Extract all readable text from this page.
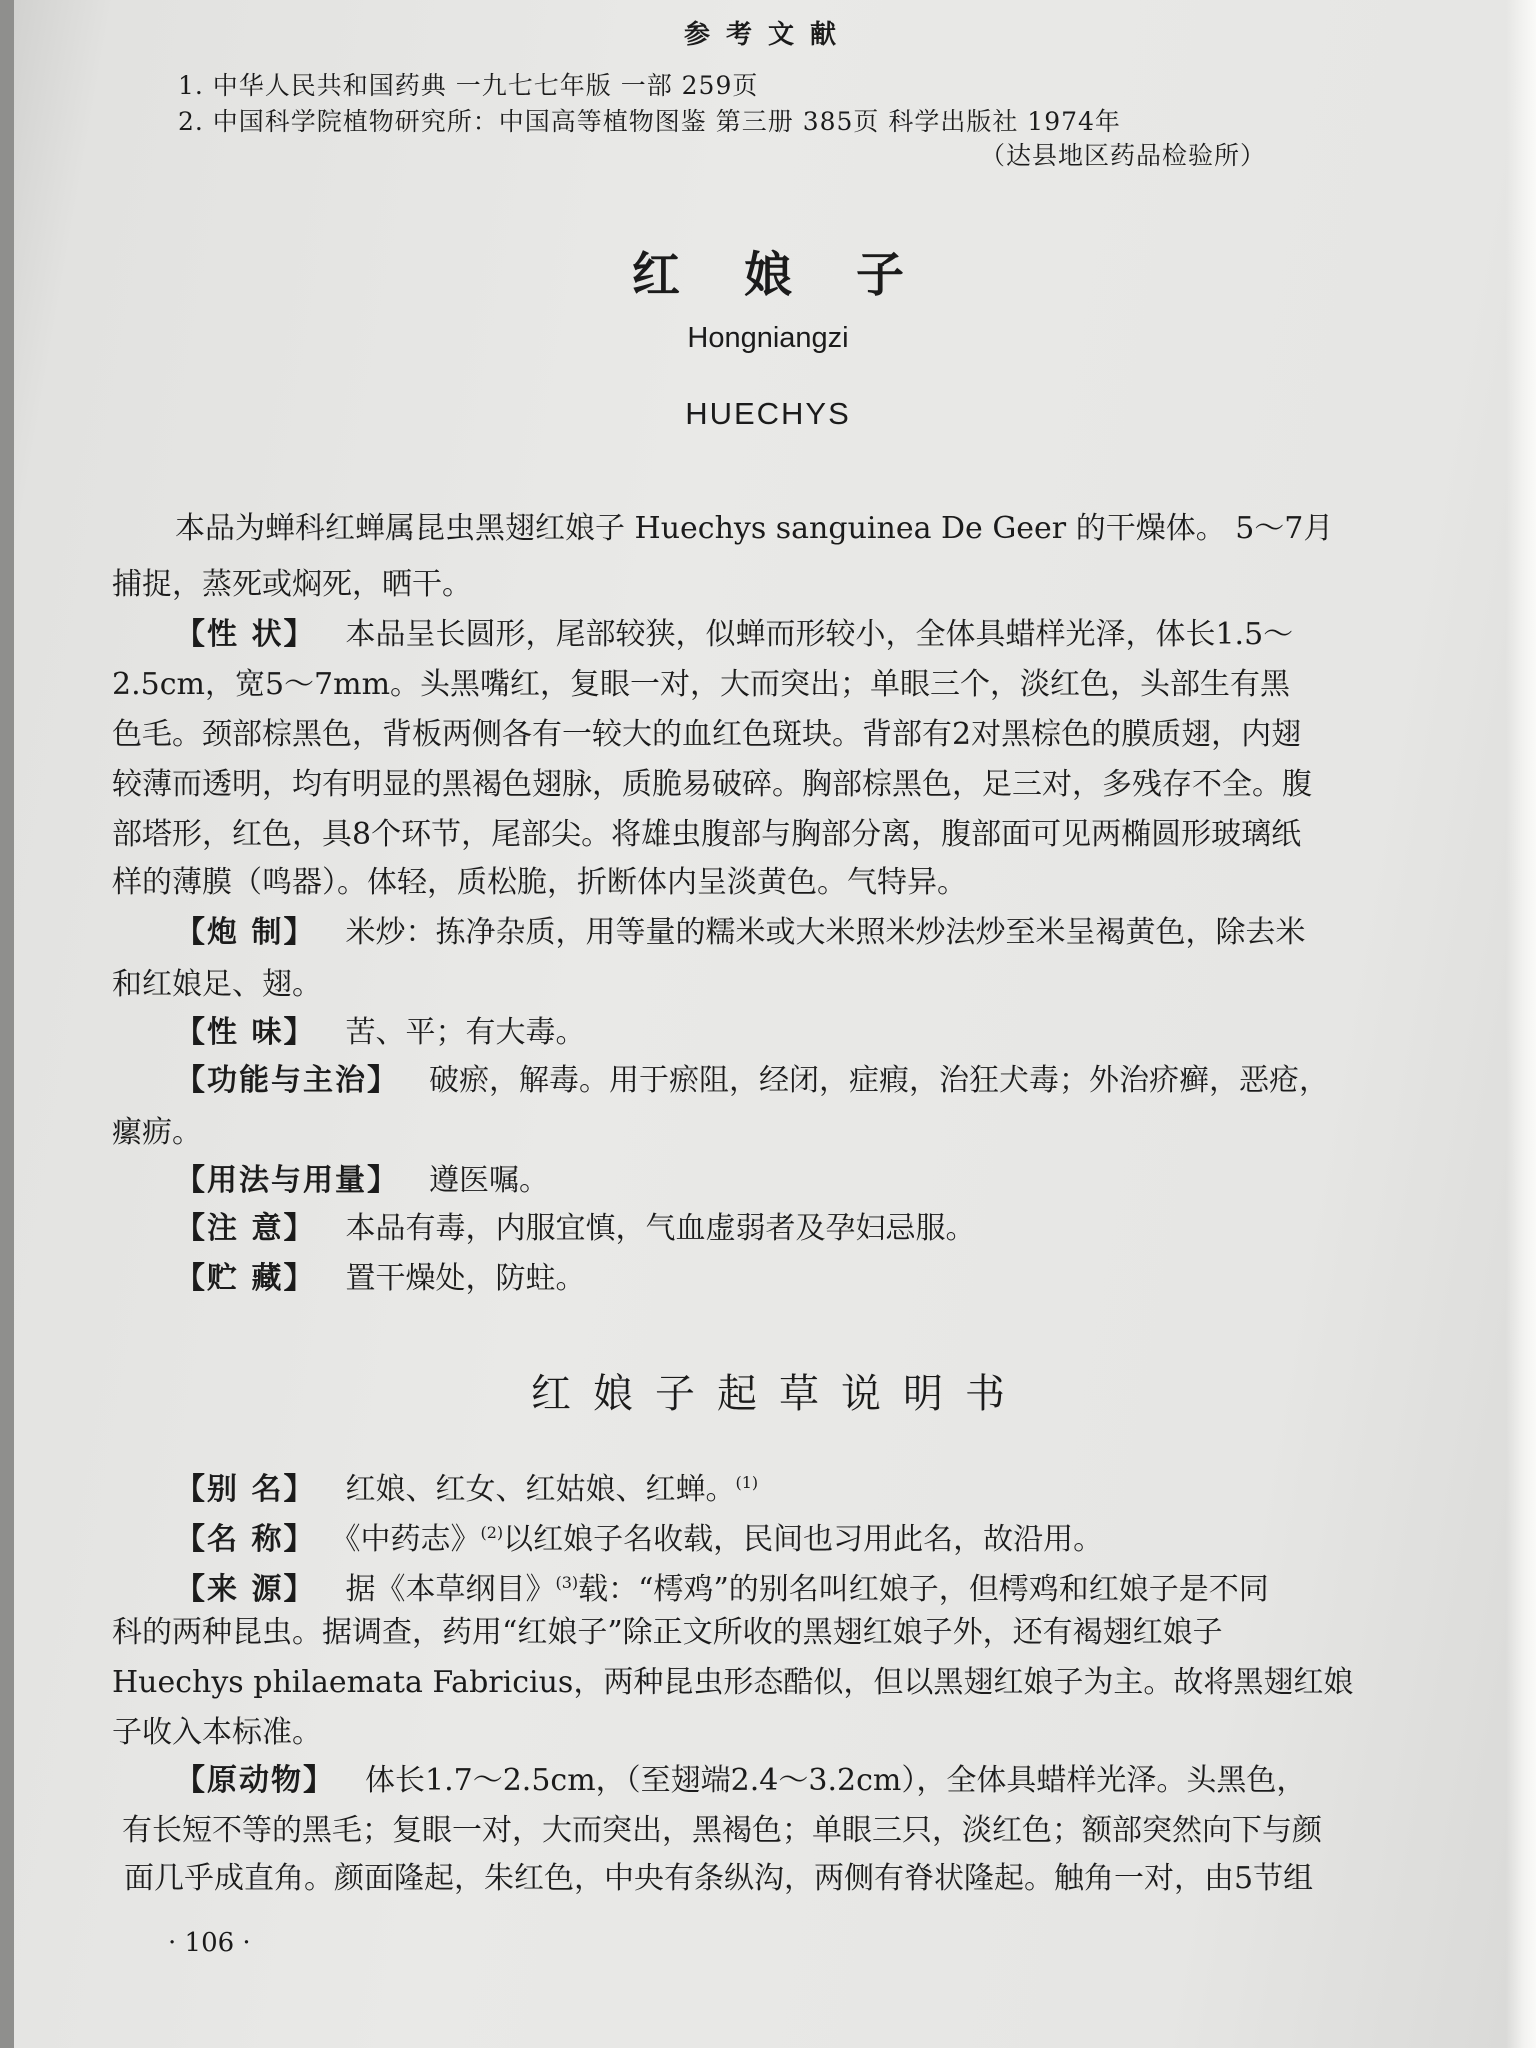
参考文献
1. 中华人民共和国药典 一九七七年版 一部 259页
2. 中国科学院植物研究所：中国高等植物图鉴 第三册 385页 科学出版社 1974年
（达县地区药品检验所）
红娘子
Hongniangzi
HUECHYS
本品为蝉科红蝉属昆虫黑翅红娘子 Huechys sanguinea De Geer 的干燥体。 5～7月
捕捉，蒸死或焖死，晒干。
【性 状】 本品呈长圆形，尾部较狭，似蝉而形较小，全体具蜡样光泽，体长1.5～
2.5cm，宽5～7mm。头黑嘴红，复眼一对，大而突出；单眼三个，淡红色，头部生有黑
色毛。颈部棕黑色，背板两侧各有一较大的血红色斑块。背部有2对黑棕色的膜质翅，内翅
较薄而透明，均有明显的黑褐色翅脉，质脆易破碎。胸部棕黑色，足三对，多残存不全。腹
部塔形，红色，具8个环节，尾部尖。将雄虫腹部与胸部分离，腹部面可见两椭圆形玻璃纸
样的薄膜（鸣器）。体轻，质松脆，折断体内呈淡黄色。气特异。
【炮 制】 米炒：拣净杂质，用等量的糯米或大米照米炒法炒至米呈褐黄色，除去米
和红娘足、翅。
【性 味】 苦、平；有大毒。
【功能与主治】 破瘀，解毒。用于瘀阻，经闭，症瘕，治狂犬毒；外治疥癣，恶疮，
瘰疬。
【用法与用量】 遵医嘱。
【注 意】 本品有毒，内服宜慎，气血虚弱者及孕妇忌服。
【贮 藏】 置干燥处，防蛀。
红娘子起草说明书
【别 名】 红娘、红女、红姑娘、红蝉。$^{(1)}$
【名 称】 《中药志》$^{(2)}$以红娘子名收载，民间也习用此名，故沿用。
【来 源】 据《本草纲目》$^{(3)}$载：“樗鸡”的别名叫红娘子，但樗鸡和红娘子是不同
科的两种昆虫。据调查，药用“红娘子”除正文所收的黑翅红娘子外，还有褐翅红娘子
Huechys philaemata Fabricius，两种昆虫形态酷似，但以黑翅红娘子为主。故将黑翅红娘
子收入本标准。
【原动物】 体长1.7～2.5cm，（至翅端2.4～3.2cm），全体具蜡样光泽。头黑色，
有长短不等的黑毛；复眼一对，大而突出，黑褐色；单眼三只，淡红色；额部突然向下与颜
面几乎成直角。颜面隆起，朱红色，中央有条纵沟，两侧有脊状隆起。触角一对，由5节组
· 106 ·
